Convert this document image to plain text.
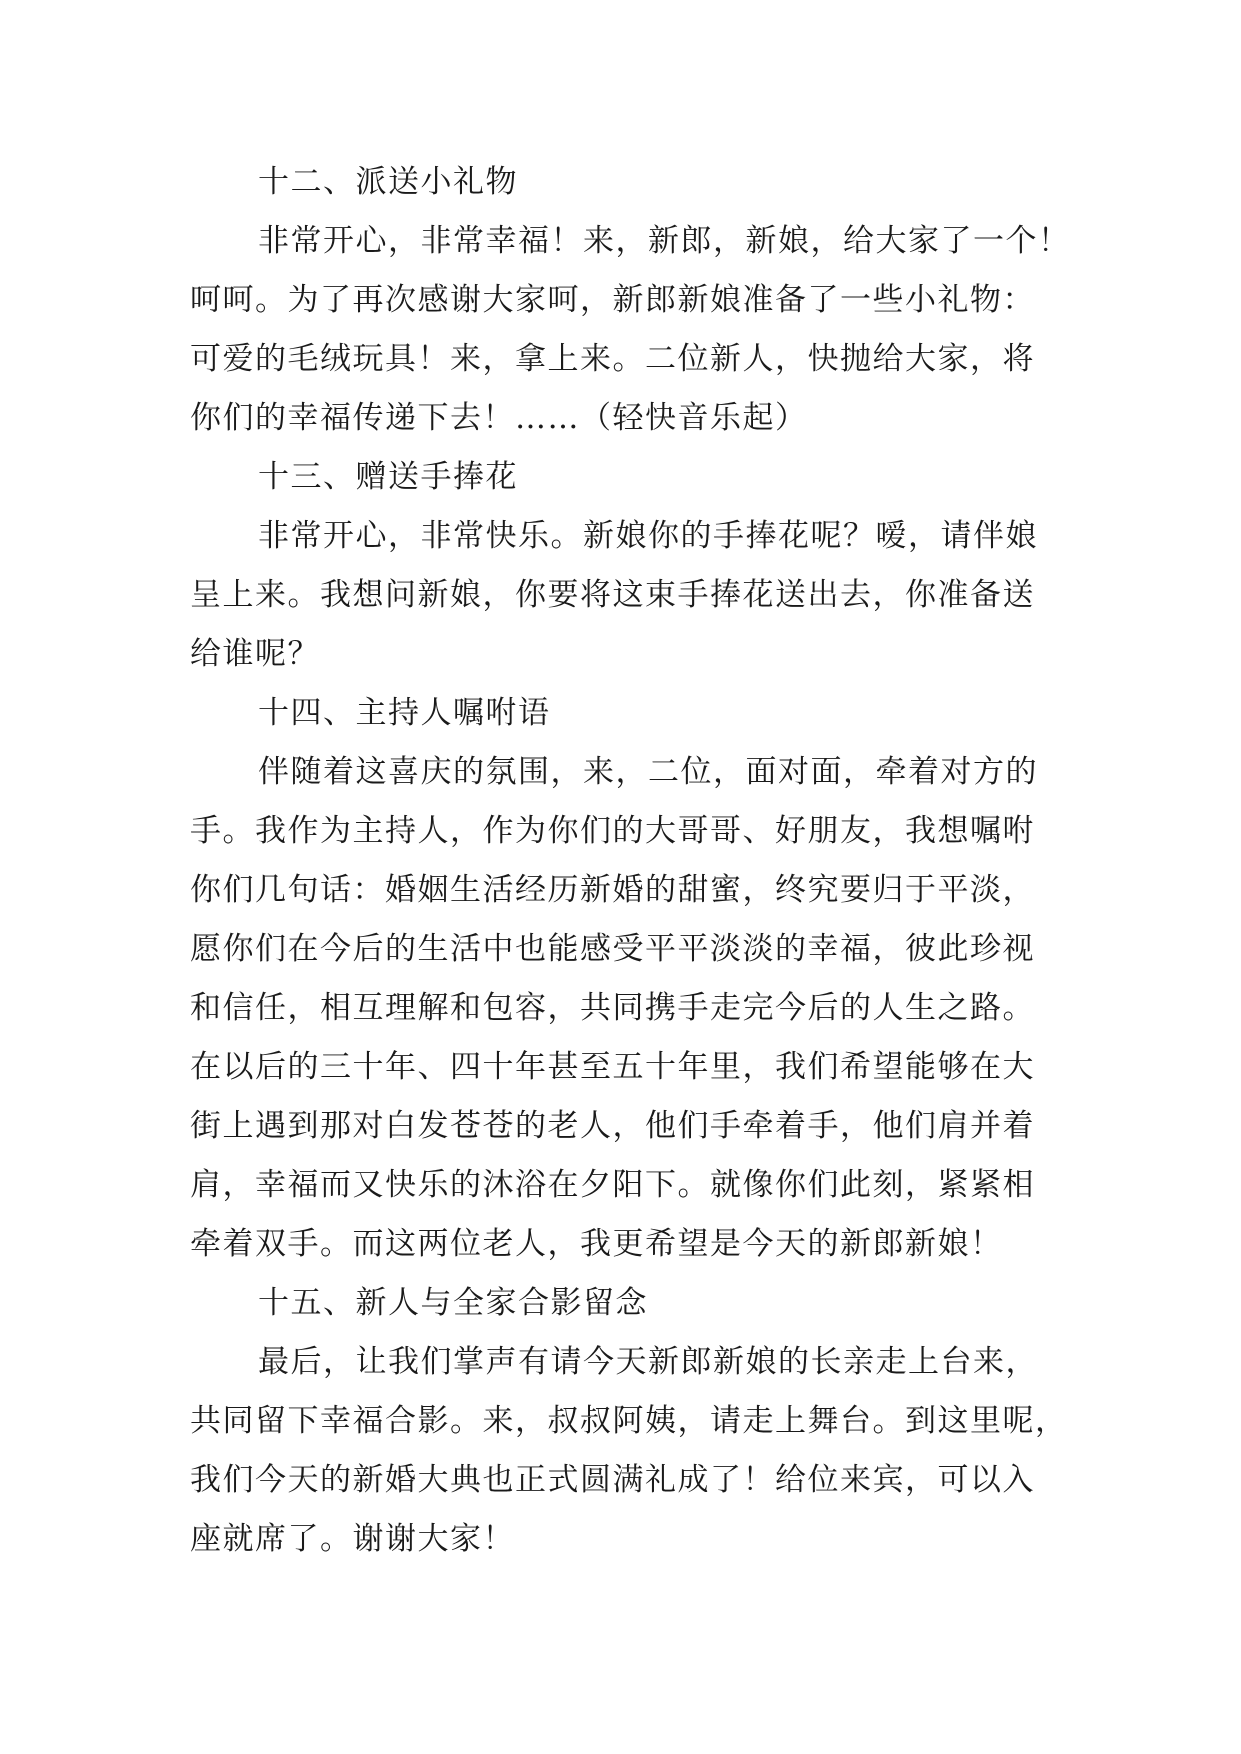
十二、派送小礼物
非常开心，非常幸福！来，新郎，新娘，给大家了一个！
呵呵。为了再次感谢大家呵，新郎新娘准备了一些小礼物：
可爱的毛绒玩具！来，拿上来。二位新人，快抛给大家，将
你们的幸福传递下去！……（轻快音乐起）
十三、赠送手捧花
非常开心，非常快乐。新娘你的手捧花呢？嗳，请伴娘
呈上来。我想问新娘，你要将这束手捧花送出去，你准备送
给谁呢？
十四、主持人嘱咐语
伴随着这喜庆的氛围，来，二位，面对面，牵着对方的
手。我作为主持人，作为你们的大哥哥、好朋友，我想嘱咐
你们几句话：婚姻生活经历新婚的甜蜜，终究要归于平淡，
愿你们在今后的生活中也能感受平平淡淡的幸福，彼此珍视
和信任，相互理解和包容，共同携手走完今后的人生之路。
在以后的三十年、四十年甚至五十年里，我们希望能够在大
街上遇到那对白发苍苍的老人，他们手牵着手，他们肩并着
肩，幸福而又快乐的沐浴在夕阳下。就像你们此刻，紧紧相
牵着双手。而这两位老人，我更希望是今天的新郎新娘！
十五、新人与全家合影留念
最后，让我们掌声有请今天新郎新娘的长亲走上台来，
共同留下幸福合影。来，叔叔阿姨，请走上舞台。到这里呢，
我们今天的新婚大典也正式圆满礼成了！给位来宾，可以入
座就席了。谢谢大家！
